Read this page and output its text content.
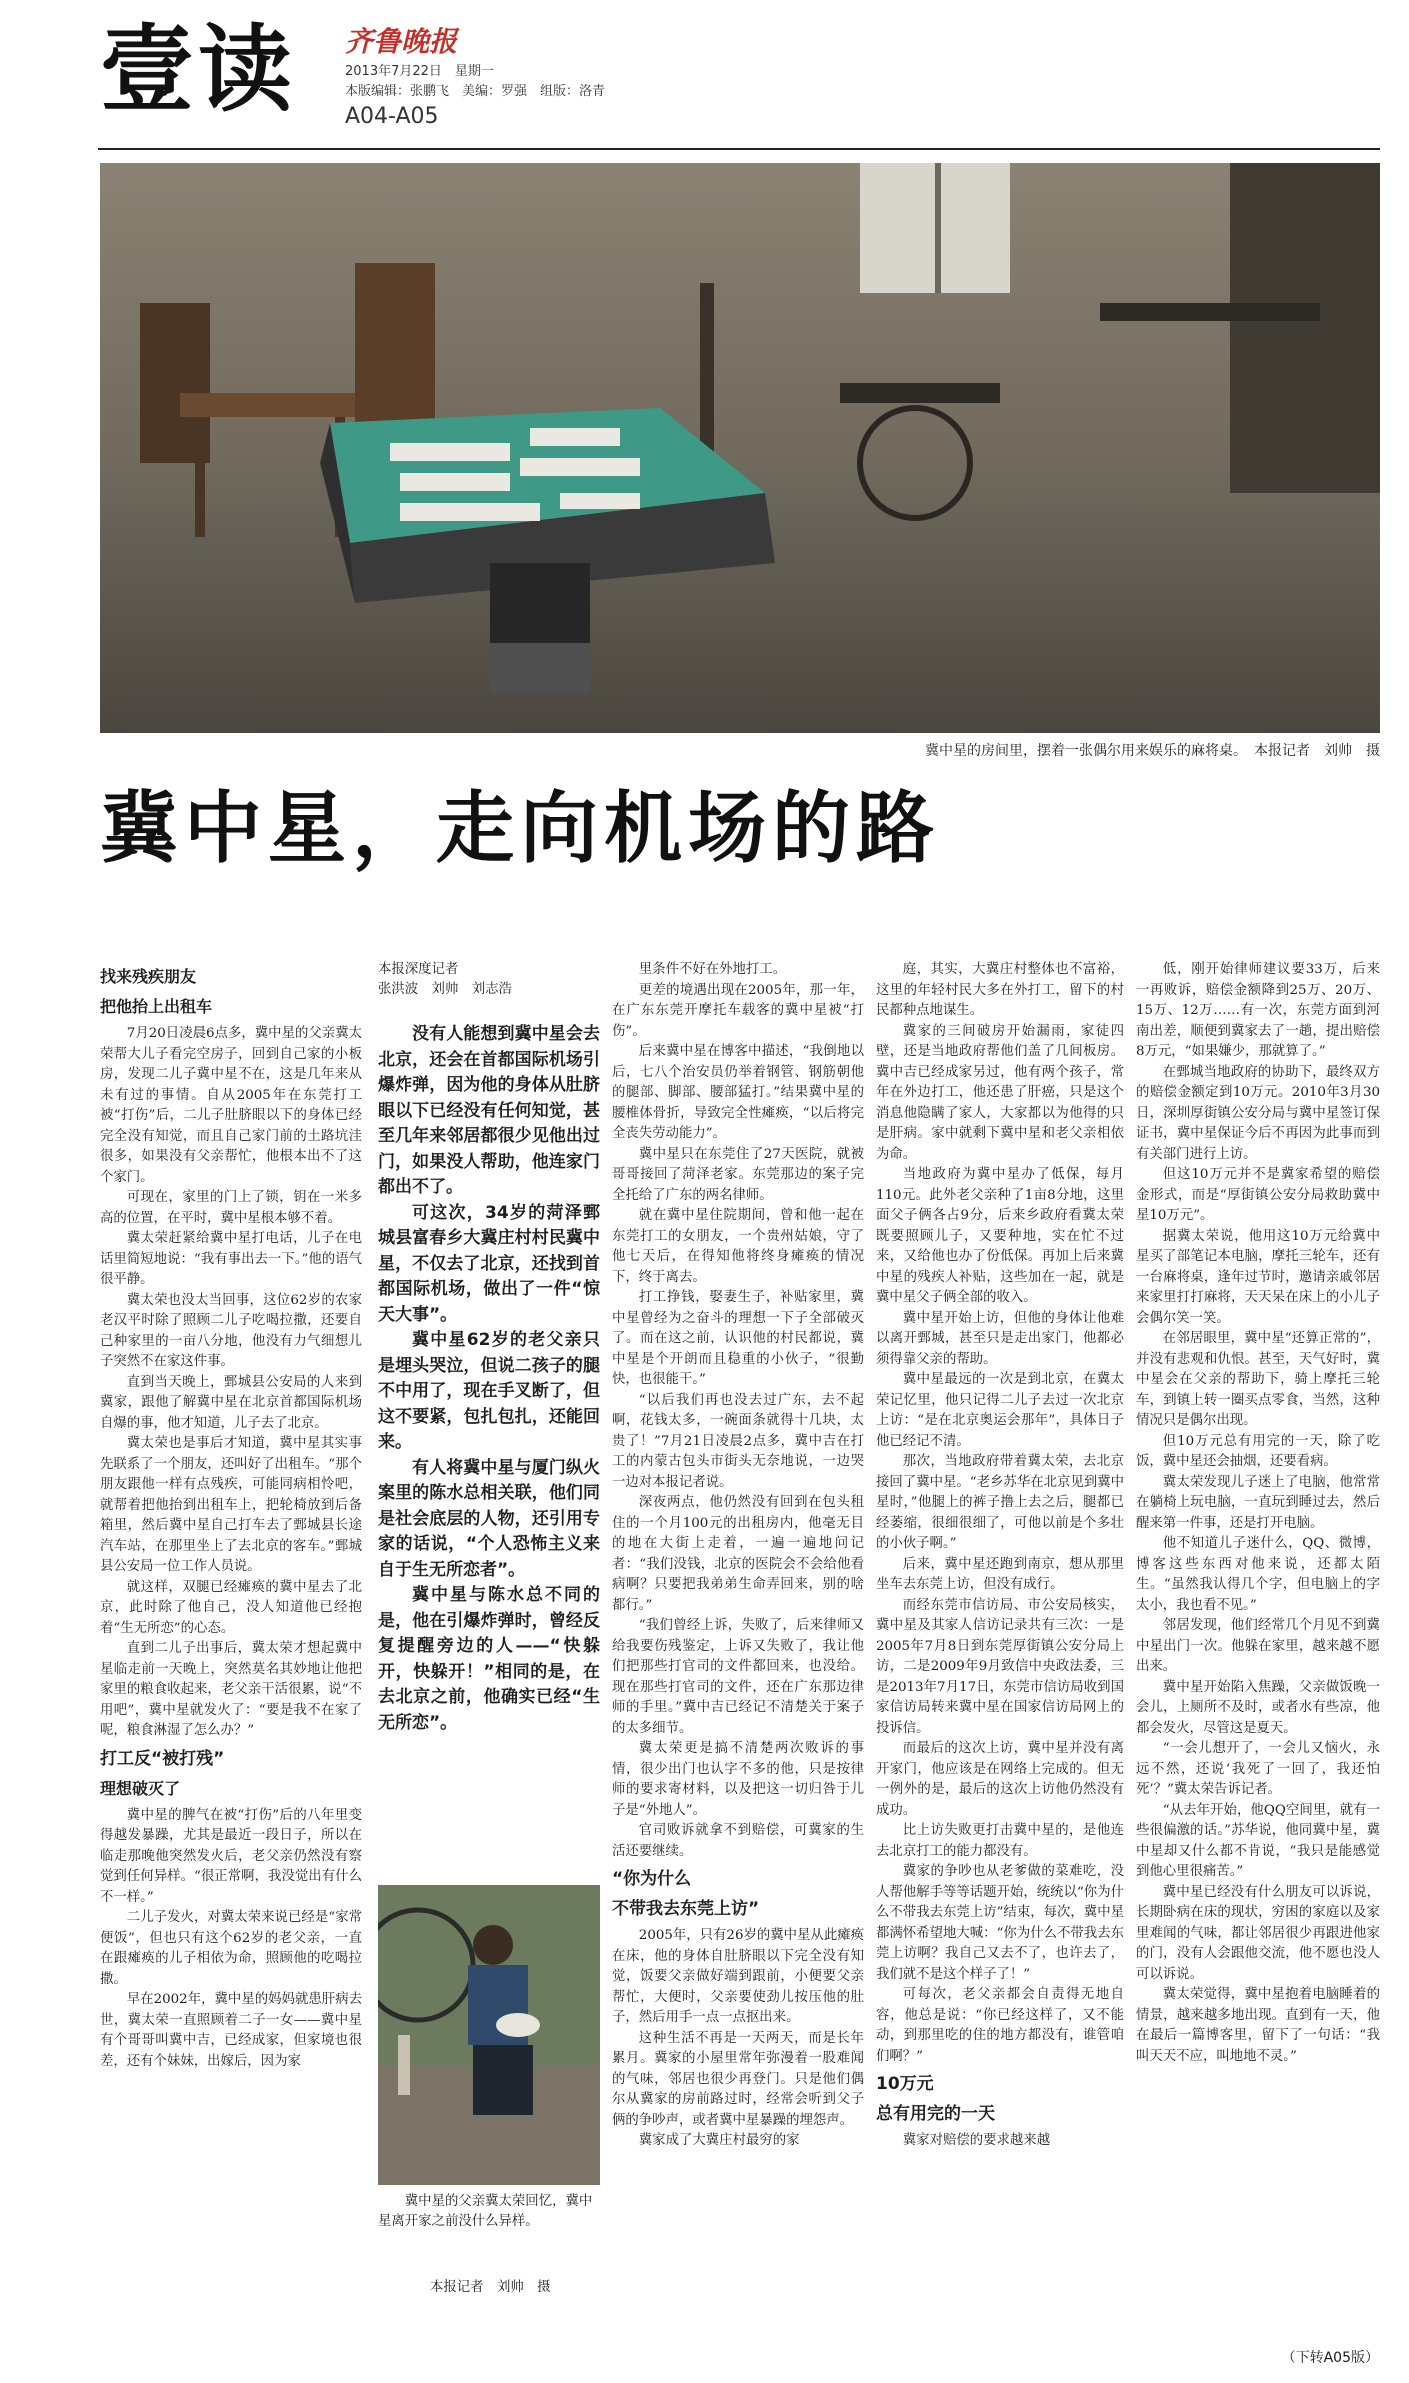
壹读 齐鲁晚报
2013年7月22日　星期一
本版编辑：张鹏飞　美编：罗强　组版：洛青
A04-A05
冀中星的房间里，摆着一张偶尔用来娱乐的麻将桌。　本报记者　刘帅　摄
冀中星，走向机场的路
找来残疾朋友
把他抬上出租车

7月20日凌晨6点多，冀中星的父亲冀太荣帮大儿子看完空房子，回到自己家的小板房，发现二儿子冀中星不在，这是几年来从未有过的事情。自从2005年在东莞打工被“打伤”后，二儿子肚脐眼以下的身体已经完全没有知觉，而且自己家门前的土路坑洼很多，如果没有父亲帮忙，他根本出不了这个家门。

可现在，家里的门上了锁，钥在一米多高的位置，在平时，冀中星根本够不着。

冀太荣赶紧给冀中星打电话，儿子在电话里简短地说：“我有事出去一下。”他的语气很平静。

冀太荣也没太当回事，这位62岁的农家老汉平时除了照顾二儿子吃喝拉撒，还要自己种家里的一亩八分地，他没有力气细想儿子突然不在家这件事。

直到当天晚上，鄄城县公安局的人来到冀家，跟他了解冀中星在北京首都国际机场自爆的事，他才知道，儿子去了北京。

冀太荣也是事后才知道，冀中星其实事先联系了一个朋友，还叫好了出租车。“那个朋友跟他一样有点残疾，可能同病相怜吧，就帮着把他抬到出租车上，把轮椅放到后备箱里，然后冀中星自己打车去了鄄城县长途汽车站，在那里坐上了去北京的客车。”鄄城县公安局一位工作人员说。

就这样，双腿已经瘫痪的冀中星去了北京，此时除了他自己，没人知道他已经抱着“生无所恋”的心态。

直到二儿子出事后，冀太荣才想起冀中星临走前一天晚上，突然莫名其妙地让他把家里的粮食收起来，老父亲干活很累，说“不用吧”，冀中星就发火了：“要是我不在家了呢，粮食淋湿了怎么办？”

打工反“被打残”
理想破灭了

冀中星的脾气在被“打伤”后的八年里变得越发暴躁，尤其是最近一段日子，所以在临走那晚他突然发火后，老父亲仍然没有察觉到任何异样。“很正常啊，我没觉出有什么不一样。”

二儿子发火，对冀太荣来说已经是“家常便饭”，但也只有这个62岁的老父亲，一直在跟瘫痪的儿子相依为命，照顾他的吃喝拉撒。

早在2002年，冀中星的妈妈就患肝病去世，冀太荣一直照顾着二子一女——冀中星有个哥哥叫冀中吉，已经成家，但家境也很差，还有个妹妹，出嫁后，因为家

本报深度记者
张洪波　刘帅　刘志浩

没有人能想到冀中星会去北京，还会在首都国际机场引爆炸弹，因为他的身体从肚脐眼以下已经没有任何知觉，甚至几年来邻居都很少见他出过门，如果没人帮助，他连家门都出不了。

可这次，34岁的菏泽鄄城县富春乡大冀庄村村民冀中星，不仅去了北京，还找到首都国际机场，做出了一件“惊天大事”。

冀中星62岁的老父亲只是埋头哭泣，但说二孩子的腿不中用了，现在手叉断了，但这不要紧，包扎包扎，还能回来。

有人将冀中星与厦门纵火案里的陈水总相关联，他们同是社会底层的人物，还引用专家的话说，“个人恐怖主义来自于生无所恋者”。

冀中星与陈水总不同的是，他在引爆炸弹时，曾经反复提醒旁边的人——“快躲开，快躲开！”相同的是，在去北京之前，他确实已经“生无所恋”。

冀中星的父亲冀太荣回忆，冀中星离开家之前没什么异样。
本报记者　刘帅　摄

里条件不好在外地打工。

更差的境遇出现在2005年，那一年，在广东东莞开摩托车载客的冀中星被“打伤”。

后来冀中星在博客中描述，“我倒地以后，七八个治安员仍举着钢管、钢筋朝他的腿部、脚部、腰部猛打。”结果冀中星的腰椎体骨折，导致完全性瘫痪，“以后将完全丧失劳动能力”。

冀中星只在东莞住了27天医院，就被哥哥接回了菏泽老家。东莞那边的案子完全托给了广东的两名律师。

就在冀中星住院期间，曾和他一起在东莞打工的女朋友，一个贵州姑娘，守了他七天后，在得知他将终身瘫痪的情况下，终于离去。

打工挣钱，娶妻生子，补贴家里，冀中星曾经为之奋斗的理想一下子全部破灭了。而在这之前，认识他的村民都说，冀中星是个开朗而且稳重的小伙子，“很勤快，也很能干。”

“以后我们再也没去过广东，去不起啊，花钱太多，一碗面条就得十几块，太贵了！”7月21日凌晨2点多，冀中吉在打工的内蒙古包头市街头无奈地说，一边哭一边对本报记者说。

深夜两点，他仍然没有回到在包头租住的一个月100元的出租房内，他毫无目的地在大街上走着，一遍一遍地问记者：“我们没钱，北京的医院会不会给他看病啊？只要把我弟弟生命弄回来，别的啥都行。”

“我们曾经上诉，失败了，后来律师又给我要伤残鉴定，上诉又失败了，我让他们把那些打官司的文件都回来，也没给。现在那些打官司的文件，还在广东那边律师的手里。”冀中吉已经记不清楚关于案子的太多细节。

冀太荣更是搞不清楚两次败诉的事情，很少出门也认字不多的他，只是按律师的要求寄材料，以及把这一切归咎于儿子是“外地人”。

官司败诉就拿不到赔偿，可冀家的生活还要继续。

“你为什么
不带我去东莞上访”

2005年，只有26岁的冀中星从此瘫痪在床，他的身体自肚脐眼以下完全没有知觉，饭要父亲做好端到跟前，小便要父亲帮忙，大便时，父亲要使劲儿按压他的肚子，然后用手一点一点抠出来。

这种生活不再是一天两天，而是长年累月。冀家的小屋里常年弥漫着一股难闻的气味，邻居也很少再登门。只是他们偶尔从冀家的房前路过时，经常会听到父子俩的争吵声，或者冀中星暴躁的埋怨声。

冀家成了大冀庄村最穷的家

庭，其实，大冀庄村整体也不富裕，这里的年轻村民大多在外打工，留下的村民都种点地谋生。

冀家的三间破房开始漏雨，家徒四壁，还是当地政府帮他们盖了几间板房。冀中吉已经成家另过，他有两个孩子，常年在外边打工，他还患了肝癌，只是这个消息他隐瞒了家人，大家都以为他得的只是肝病。家中就剩下冀中星和老父亲相依为命。

当地政府为冀中星办了低保，每月110元。此外老父亲种了1亩8分地，这里面父子俩各占9分，后来乡政府看冀太荣既要照顾儿子，又要种地，实在忙不过来，又给他也办了份低保。再加上后来冀中星的残疾人补贴，这些加在一起，就是冀中星父子俩全部的收入。

冀中星开始上访，但他的身体让他难以离开鄄城，甚至只是走出家门，他都必须得靠父亲的帮助。

冀中星最远的一次是到北京，在冀太荣记忆里，他只记得二儿子去过一次北京上访：“是在北京奥运会那年”，具体日子他已经记不清。

那次，当地政府带着冀太荣，去北京接回了冀中星。“老乡苏华在北京见到冀中星时，”他腿上的裤子撸上去之后，腿都已经萎缩，很细很细了，可他以前是个多壮的小伙子啊。”

后来，冀中星还跑到南京，想从那里坐车去东莞上访，但没有成行。

而经东莞市信访局、市公安局核实，冀中星及其家人信访记录共有三次：一是2005年7月8日到东莞厚街镇公安分局上访，二是2009年9月致信中央政法委，三是2013年7月17日，东莞市信访局收到国家信访局转来冀中星在国家信访局网上的投诉信。

而最后的这次上访，冀中星并没有离开家门，他应该是在网络上完成的。但无一例外的是，最后的这次上访他仍然没有成功。

比上访失败更打击冀中星的，是他连去北京打工的能力都没有。

冀家的争吵也从老爹做的菜难吃，没人帮他解手等等话题开始，统统以“你为什么不带我去东莞上访”结束，每次，冀中星都满怀希望地大喊：“你为什么不带我去东莞上访啊？我自己又去不了，也许去了，我们就不是这个样子了！”

可每次，老父亲都会自责得无地自容，他总是说：“你已经这样了，又不能动，到那里吃的住的地方都没有，谁管咱们啊？”

10万元
总有用完的一天

冀家对赔偿的要求越来越

低，刚开始律师建议要33万，后来一再败诉，赔偿金额降到25万、20万、15万、12万……有一次，东莞方面到河南出差，顺便到冀家去了一趟，提出赔偿8万元，“如果嫌少，那就算了。”

在鄄城当地政府的协助下，最终双方的赔偿金额定到10万元。2010年3月30日，深圳厚街镇公安分局与冀中星签订保证书，冀中星保证今后不再因为此事而到有关部门进行上访。

但这10万元并不是冀家希望的赔偿金形式，而是“厚街镇公安分局救助冀中星10万元”。

据冀太荣说，他用这10万元给冀中星买了部笔记本电脑，摩托三轮车，还有一台麻将桌，逢年过节时，邀请亲戚邻居来家里打打麻将，天天呆在床上的小儿子会偶尔笑一笑。

在邻居眼里，冀中星“还算正常的”，并没有悲观和仇恨。甚至，天气好时，冀中星会在父亲的帮助下，骑上摩托三轮车，到镇上转一圈买点零食，当然，这种情况只是偶尔出现。

但10万元总有用完的一天，除了吃饭，冀中星还会抽烟，还要看病。

冀太荣发现儿子迷上了电脑，他常常在躺椅上玩电脑，一直玩到睡过去，然后醒来第一件事，还是打开电脑。

他不知道儿子迷什么，QQ、微博，博客这些东西对他来说，还都太陌生。“虽然我认得几个字，但电脑上的字太小，我也看不见。”

邻居发现，他们经常几个月见不到冀中星出门一次。他躲在家里，越来越不愿出来。

冀中星开始陷入焦躁，父亲做饭晚一会儿，上厕所不及时，或者水有些凉，他都会发火，尽管这是夏天。

“一会儿想开了，一会儿又恼火，永远不然，还说‘我死了一回了，我还怕死’？”冀太荣告诉记者。

“从去年开始，他QQ空间里，就有一些很偏激的话。”苏华说，他同冀中星，冀中星却又什么都不肯说，“我只是能感觉到他心里很痛苦。”

冀中星已经没有什么朋友可以诉说，长期卧病在床的现状，穷困的家庭以及家里难闻的气味，都让邻居很少再跟进他家的门，没有人会跟他交流，他不愿也没人可以诉说。

冀太荣觉得，冀中星抱着电脑睡着的情景，越来越多地出现。直到有一天，他在最后一篇博客里，留下了一句话：“我叫天天不应，叫地地不灵。”

（下转A05版）
